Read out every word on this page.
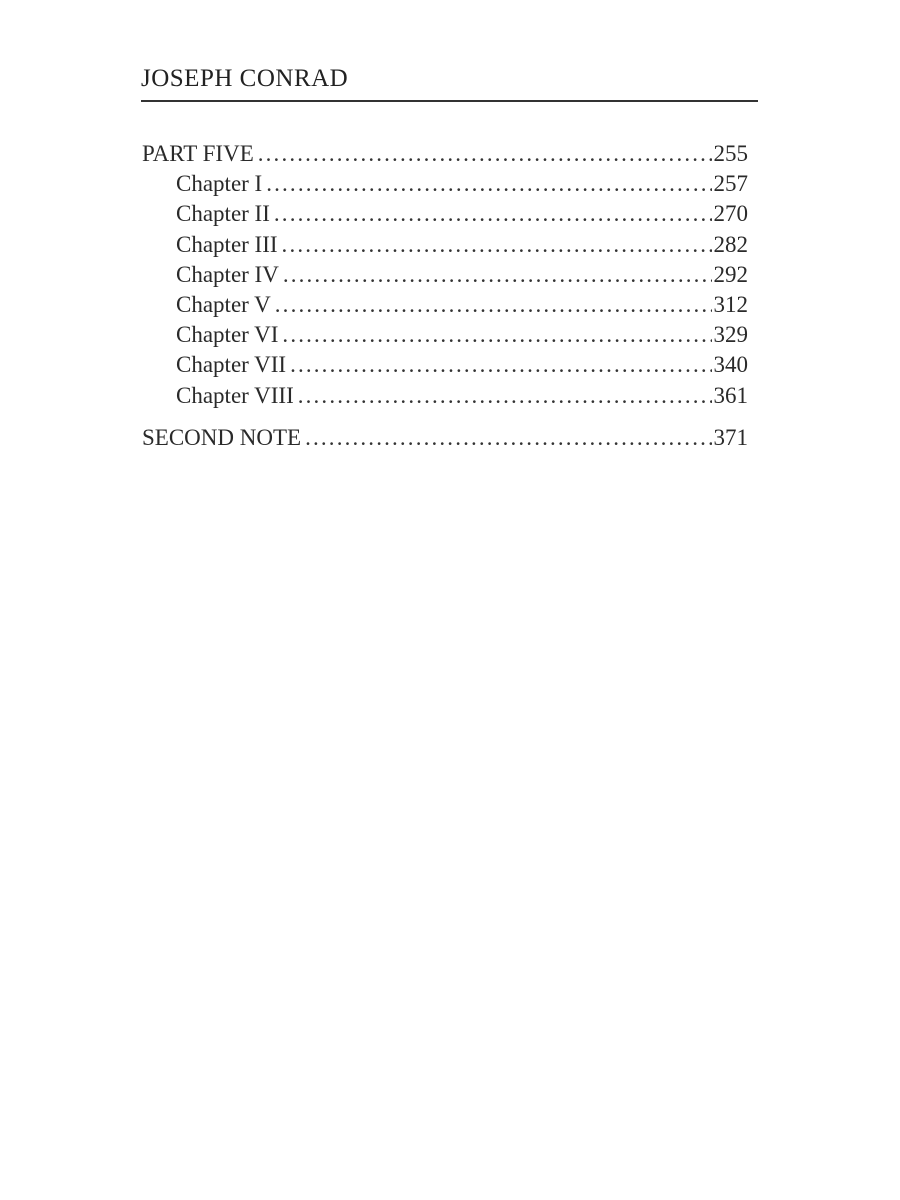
JOSEPH CONRAD
PART FIVE . . .	255
Chapter I . . .	257
Chapter II . . .	270
Chapter III . . .	282
Chapter IV . . .	292
Chapter V . . .	312
Chapter VI . . .	329
Chapter VII . . .	340
Chapter VIII . . .	361
SECOND NOTE . . .	371
